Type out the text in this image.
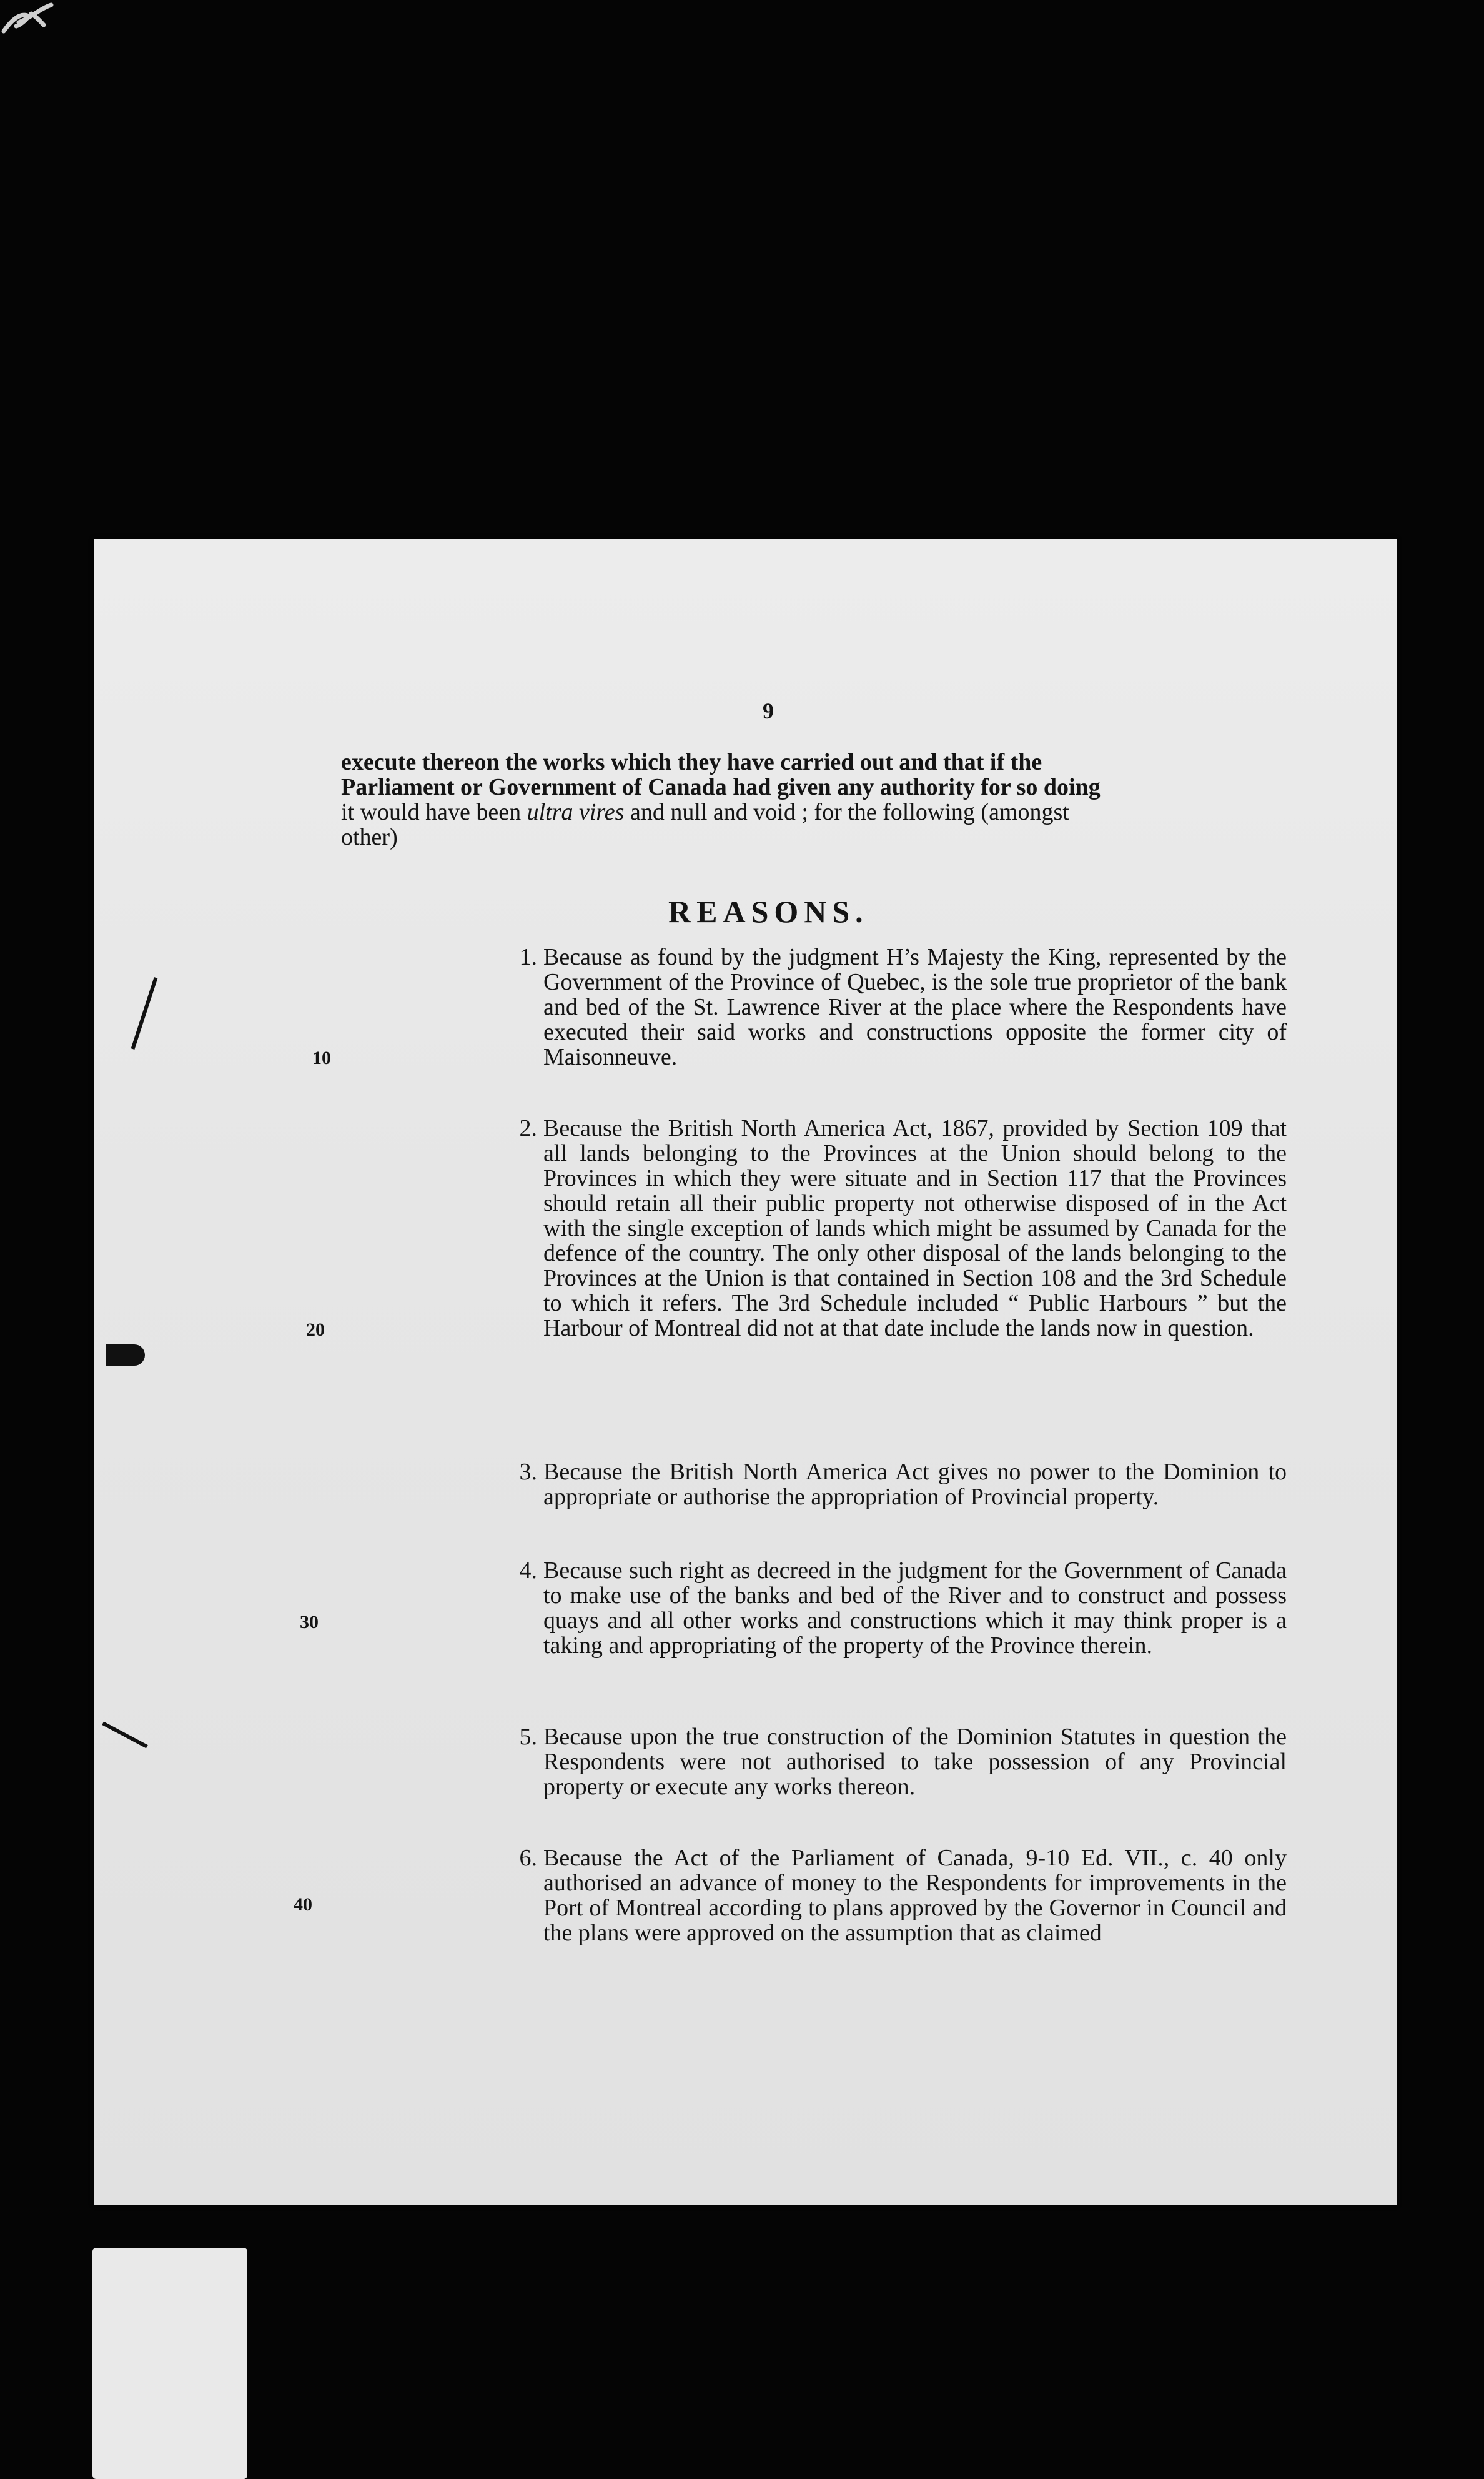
9
execute thereon the works which they have carried out and that if the
Parliament or Government of Canada had given any authority for so doing
it would have been ultra vires and null and void ; for the following (amongst
other)
REASONS.
1. Because as found by the judgment H’s Majesty the King, represented by the Government of the Province of Quebec, is the sole true proprietor of the bank and bed of the St. Lawrence River at the place where the Respondents have executed their said works and constructions opposite the former city of Maisonneuve.
2. Because the British North America Act, 1867, provided by Section 109 that all lands belonging to the Provinces at the Union should belong to the Provinces in which they were situate and in Section 117 that the Provinces should retain all their public property not otherwise disposed of in the Act with the single exception of lands which might be assumed by Canada for the defence of the country. The only other disposal of the lands belonging to the Provinces at the Union is that contained in Section 108 and the 3rd Schedule to which it refers. The 3rd Schedule included “ Public Harbours ” but the Harbour of Montreal did not at that date include the lands now in question.
3. Because the British North America Act gives no power to the Dominion to appropriate or authorise the appropriation of Provincial property.
4. Because such right as decreed in the judgment for the Government of Canada to make use of the banks and bed of the River and to construct and possess quays and all other works and constructions which it may think proper is a taking and appropriating of the property of the Province therein.
5. Because upon the true construction of the Dominion Statutes in question the Respondents were not authorised to take possession of any Provincial property or execute any works thereon.
6. Because the Act of the Parliament of Canada, 9-10 Ed. VII., c. 40 only authorised an advance of money to the Respondents for improvements in the Port of Montreal according to plans approved by the Governor in Council and the plans were approved on the assumption that as claimed
10
20
30
40
